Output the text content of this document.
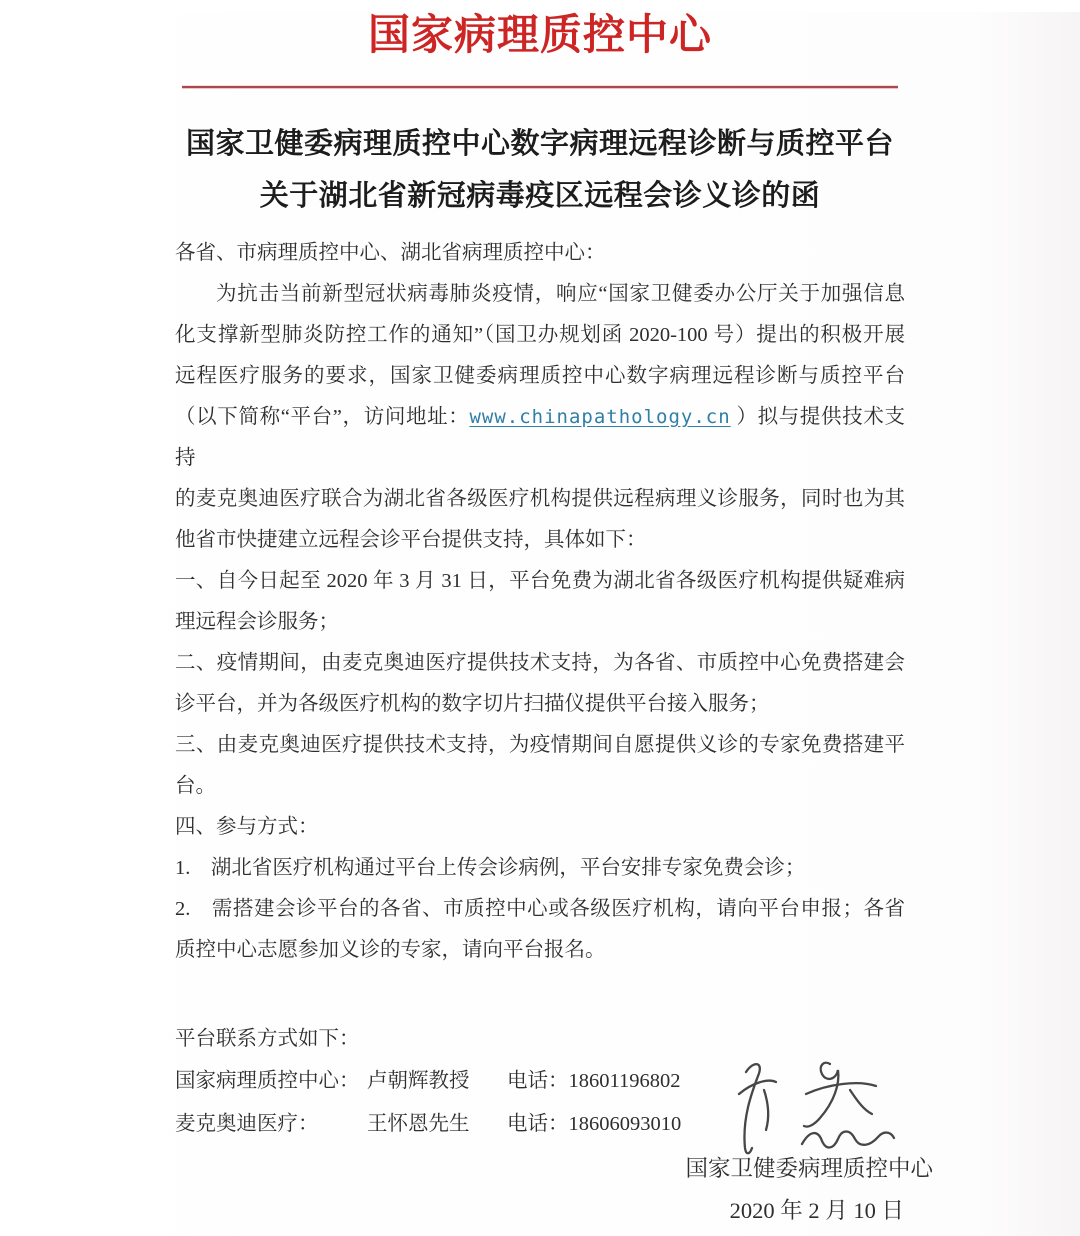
国家病理质控中心
国家卫健委病理质控中心数字病理远程诊断与质控平台
关于湖北省新冠病毒疫区远程会诊义诊的函
各省、市病理质控中心、湖北省病理质控中心：
为抗击当前新型冠状病毒肺炎疫情，响应“国家卫健委办公厅关于加强信息
化支撑新型肺炎防控工作的通知”（国卫办规划函 2020-100 号）提出的积极开展
远程医疗服务的要求，国家卫健委病理质控中心数字病理远程诊断与质控平台
（以下简称“平台”，访问地址：www.chinapathology.cn ）拟与提供技术支持
的麦克奥迪医疗联合为湖北省各级医疗机构提供远程病理义诊服务，同时也为其
他省市快捷建立远程会诊平台提供支持，具体如下：
一、自今日起至 2020 年 3 月 31 日，平台免费为湖北省各级医疗机构提供疑难病
理远程会诊服务；
二、疫情期间，由麦克奥迪医疗提供技术支持，为各省、市质控中心免费搭建会
诊平台，并为各级医疗机构的数字切片扫描仪提供平台接入服务；
三、由麦克奥迪医疗提供技术支持，为疫情期间自愿提供义诊的专家免费搭建平
台。
四、参与方式：
1.　湖北省医疗机构通过平台上传会诊病例，平台安排专家免费会诊；
2.　需搭建会诊平台的各省、市质控中心或各级医疗机构，请向平台申报；各省
质控中心志愿参加义诊的专家，请向平台报名。
平台联系方式如下：
国家病理质控中心： 卢朝辉教授	电话：18601196802
麦克奥迪医疗：	王怀恩先生	电话：18606093010
国家卫健委病理质控中心
2020 年 2 月 10 日
